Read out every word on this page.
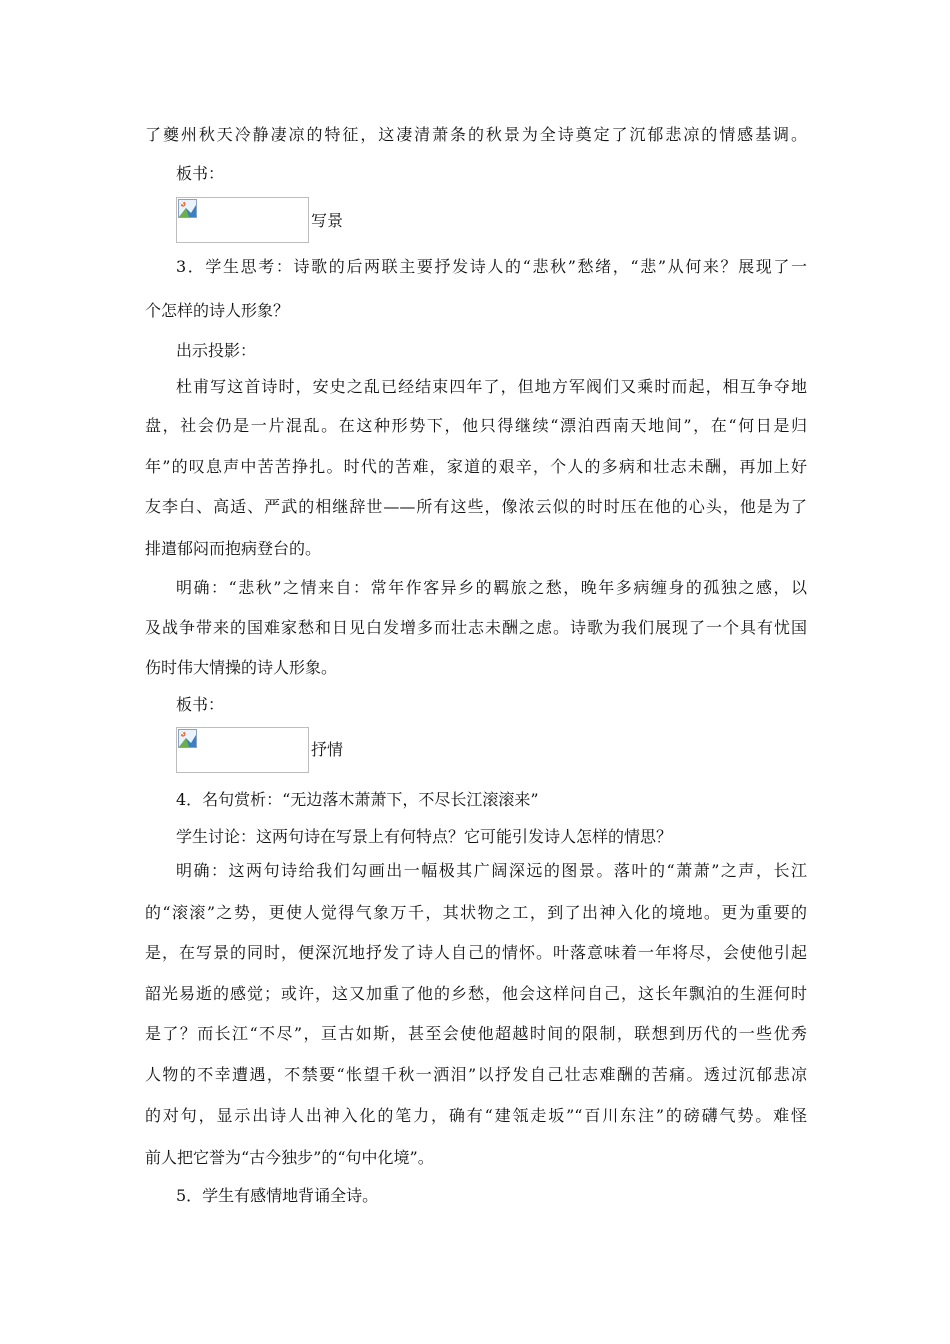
了夔州秋天冷静凄凉的特征，这凄清萧条的秋景为全诗奠定了沉郁悲凉的情感基调。
板书：
写景
3．学生思考：诗歌的后两联主要抒发诗人的“悲秋”愁绪，“悲”从何来？展现了一
个怎样的诗人形象？
出示投影：
杜甫写这首诗时，安史之乱已经结束四年了，但地方军阀们又乘时而起，相互争夺地
盘，社会仍是一片混乱。在这种形势下，他只得继续“漂泊西南天地间”，在“何日是归
年”的叹息声中苦苦挣扎。时代的苦难，家道的艰辛，个人的多病和壮志未酬，再加上好
友李白、高适、严武的相继辞世——所有这些，像浓云似的时时压在他的心头，他是为了
排遣郁闷而抱病登台的。
明确：“悲秋”之情来自：常年作客异乡的羁旅之愁，晚年多病缠身的孤独之感，以
及战争带来的国难家愁和日见白发增多而壮志未酬之虑。诗歌为我们展现了一个具有忧国
伤时伟大情操的诗人形象。
板书：
抒情
4．名句赏析：“无边落木萧萧下，不尽长江滚滚来”
学生讨论：这两句诗在写景上有何特点？它可能引发诗人怎样的情思？
明确：这两句诗给我们勾画出一幅极其广阔深远的图景。落叶的“萧萧”之声，长江
的“滚滚”之势，更使人觉得气象万千，其状物之工，到了出神入化的境地。更为重要的
是，在写景的同时，便深沉地抒发了诗人自己的情怀。叶落意味着一年将尽，会使他引起
韶光易逝的感觉；或许，这又加重了他的乡愁，他会这样问自己，这长年飘泊的生涯何时
是了？而长江“不尽”，亘古如斯，甚至会使他超越时间的限制，联想到历代的一些优秀
人物的不幸遭遇，不禁要“怅望千秋一洒泪”以抒发自己壮志难酬的苦痛。透过沉郁悲凉
的对句，显示出诗人出神入化的笔力，确有“建瓴走坂”“百川东注”的磅礴气势。难怪
前人把它誉为“古今独步”的“句中化境”。
5．学生有感情地背诵全诗。
